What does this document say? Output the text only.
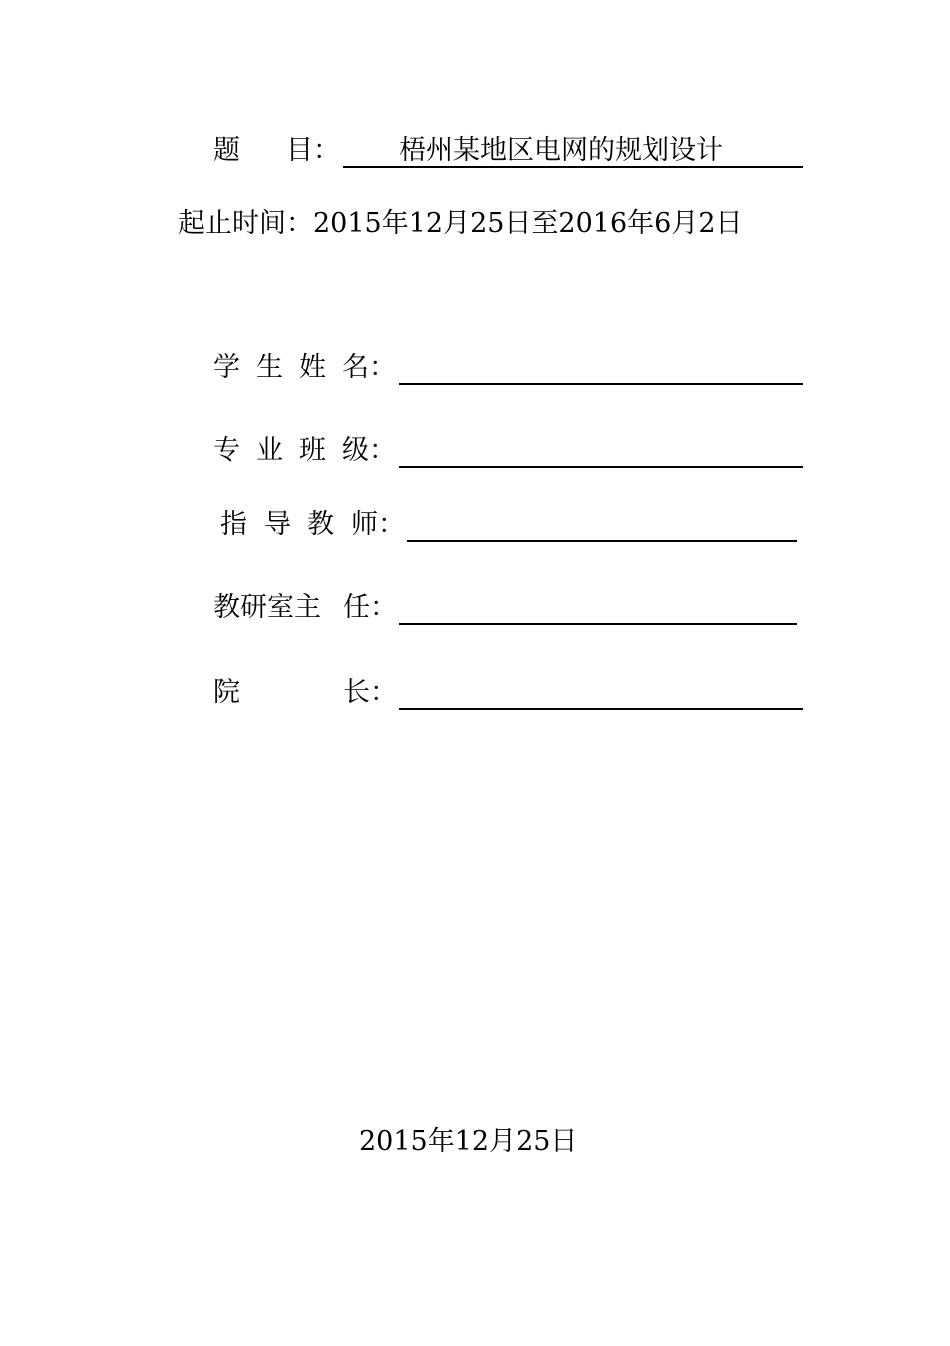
题 目： 梧州某地区电网的规划设计
起止时间：2015年12月25日至2016年6月2日
学 生 姓 名：
专 业 班 级：
指 导 教 师：
教研室主 任：
院	长：
2015年12月25日
